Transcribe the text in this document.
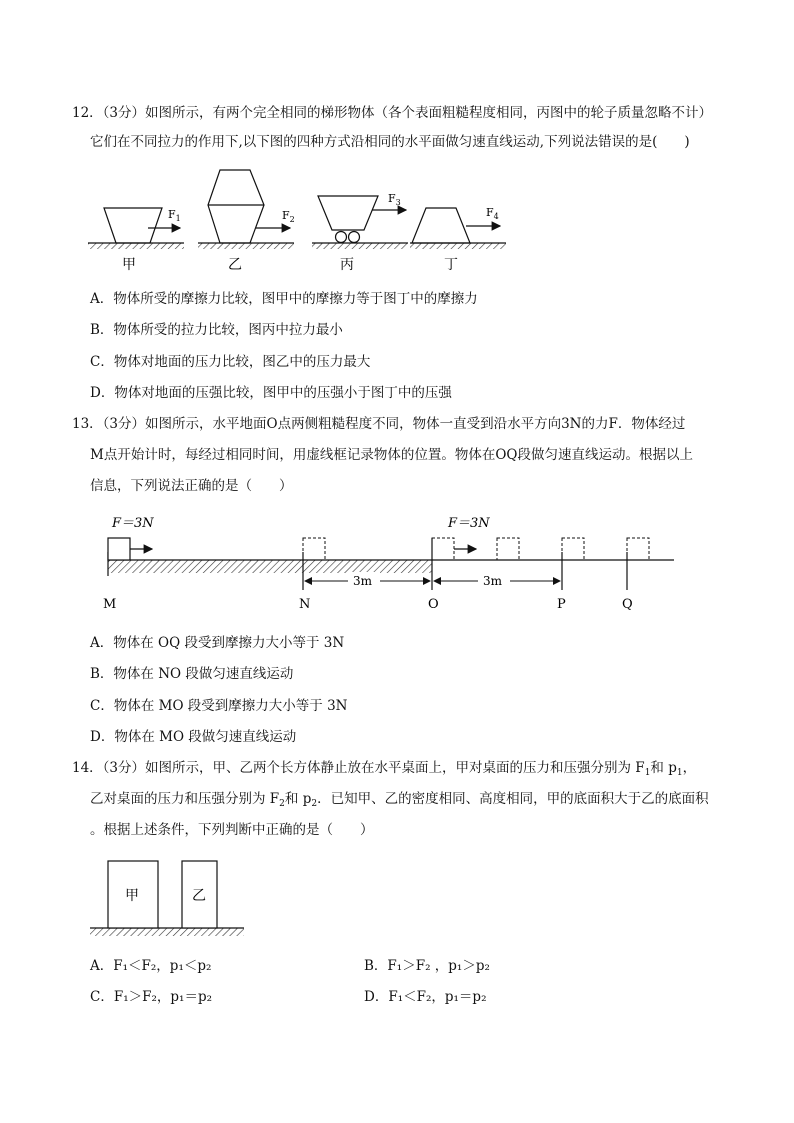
12．（3分）如图所示，有两个完全相同的梯形物体（各个表面粗糙程度相同，丙图中的轮子质量忽略不计）
它们在不同拉力的作用下,以下图的四种方式沿相同的水平面做匀速直线运动,下列说法错误的是(　　)
$F_1$
甲
$F_2$
乙
$F_3$
丙
$F_4$
丁
A．物体所受的摩擦力比较，图甲中的摩擦力等于图丁中的摩擦力
B．物体所受的拉力比较，图丙中拉力最小
C．物体对地面的压力比较，图乙中的压力最大
D．物体对地面的压强比较，图甲中的压强小于图丁中的压强
13．（3分）如图所示，水平地面O点两侧粗糙程度不同，物体一直受到沿水平方向3N的力F．物体经过
M点开始计时，每经过相同时间，用虚线框记录物体的位置。物体在OQ段做匀速直线运动。根据以上
信息，下列说法正确的是（　　）
F＝3N	F＝3N
3m	3m
M	N	O	P	Q
A．物体在 OQ 段受到摩擦力大小等于 3N
B．物体在 NO 段做匀速直线运动
C．物体在 MO 段受到摩擦力大小等于 3N
D．物体在 MO 段做匀速直线运动
14．（3分）如图所示，甲、乙两个长方体静止放在水平桌面上，甲对桌面的压力和压强分别为 $F_1$和 $p_1$，
乙对桌面的压力和压强分别为 $F_2$和 $p_2$．已知甲、乙的密度相同、高度相同，甲的底面积大于乙的底面积
。根据上述条件，下列判断中正确的是（　　）
甲	乙
A．F₁＜F₂，p₁＜p₂	B．F₁＞F₂ ，p₁＞p₂
C．F₁＞F₂，p₁＝p₂	D．F₁＜F₂，p₁＝p₂
